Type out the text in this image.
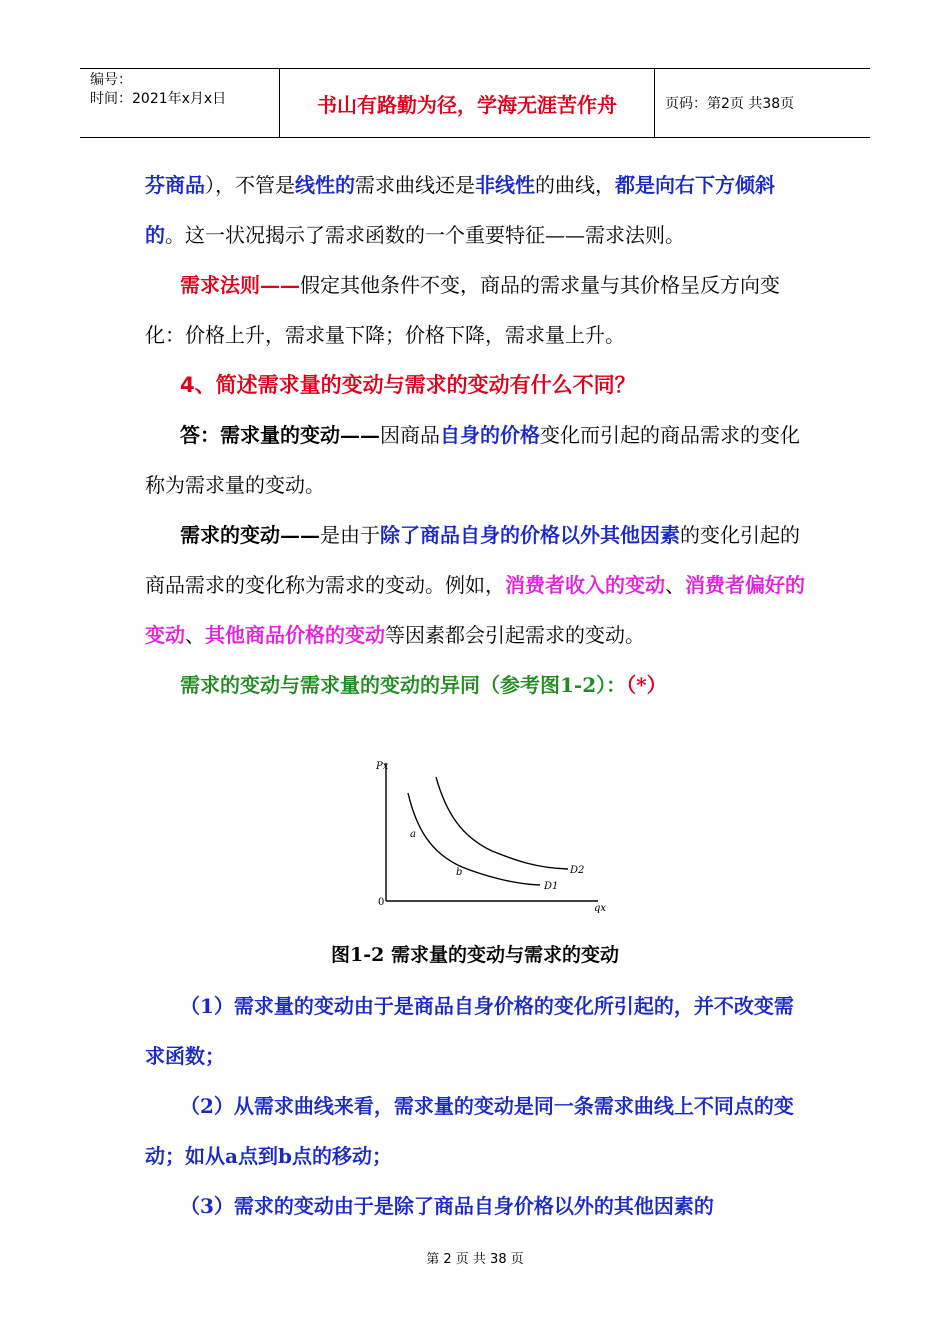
编号：
时间：2021年x月x日	书山有路勤为径，学海无涯苦作舟	页码：第2页 共38页

芬商品），不管是线性的需求曲线还是非线性的曲线，都是向右下方倾斜的。这一状况揭示了需求函数的一个重要特征——需求法则。

需求法则——假定其他条件不变，商品的需求量与其价格呈反方向变化：价格上升，需求量下降；价格下降，需求量上升。

4、简述需求量的变动与需求的变动有什么不同？

答：需求量的变动——因商品自身的价格变化而引起的商品需求的变化称为需求量的变动。

需求的变动——是由于除了商品自身的价格以外其他因素的变化引起的商品需求的变化称为需求的变动。例如，消费者收入的变动、消费者偏好的变动、其他商品价格的变动等因素都会引起需求的变动。

需求的变动与需求量的变动的异同（参考图1-2）：（*）

Px
qx
0
D1
D2
a
b
图1-2 需求量的变动与需求的变动

（1）需求量的变动由于是商品自身价格的变化所引起的，并不改变需求函数；

（2）从需求曲线来看，需求量的变动是同一条需求曲线上不同点的变动；如从a点到b点的移动；

（3）需求的变动由于是除了商品自身价格以外的其他因素的

第 2 页 共 38 页
